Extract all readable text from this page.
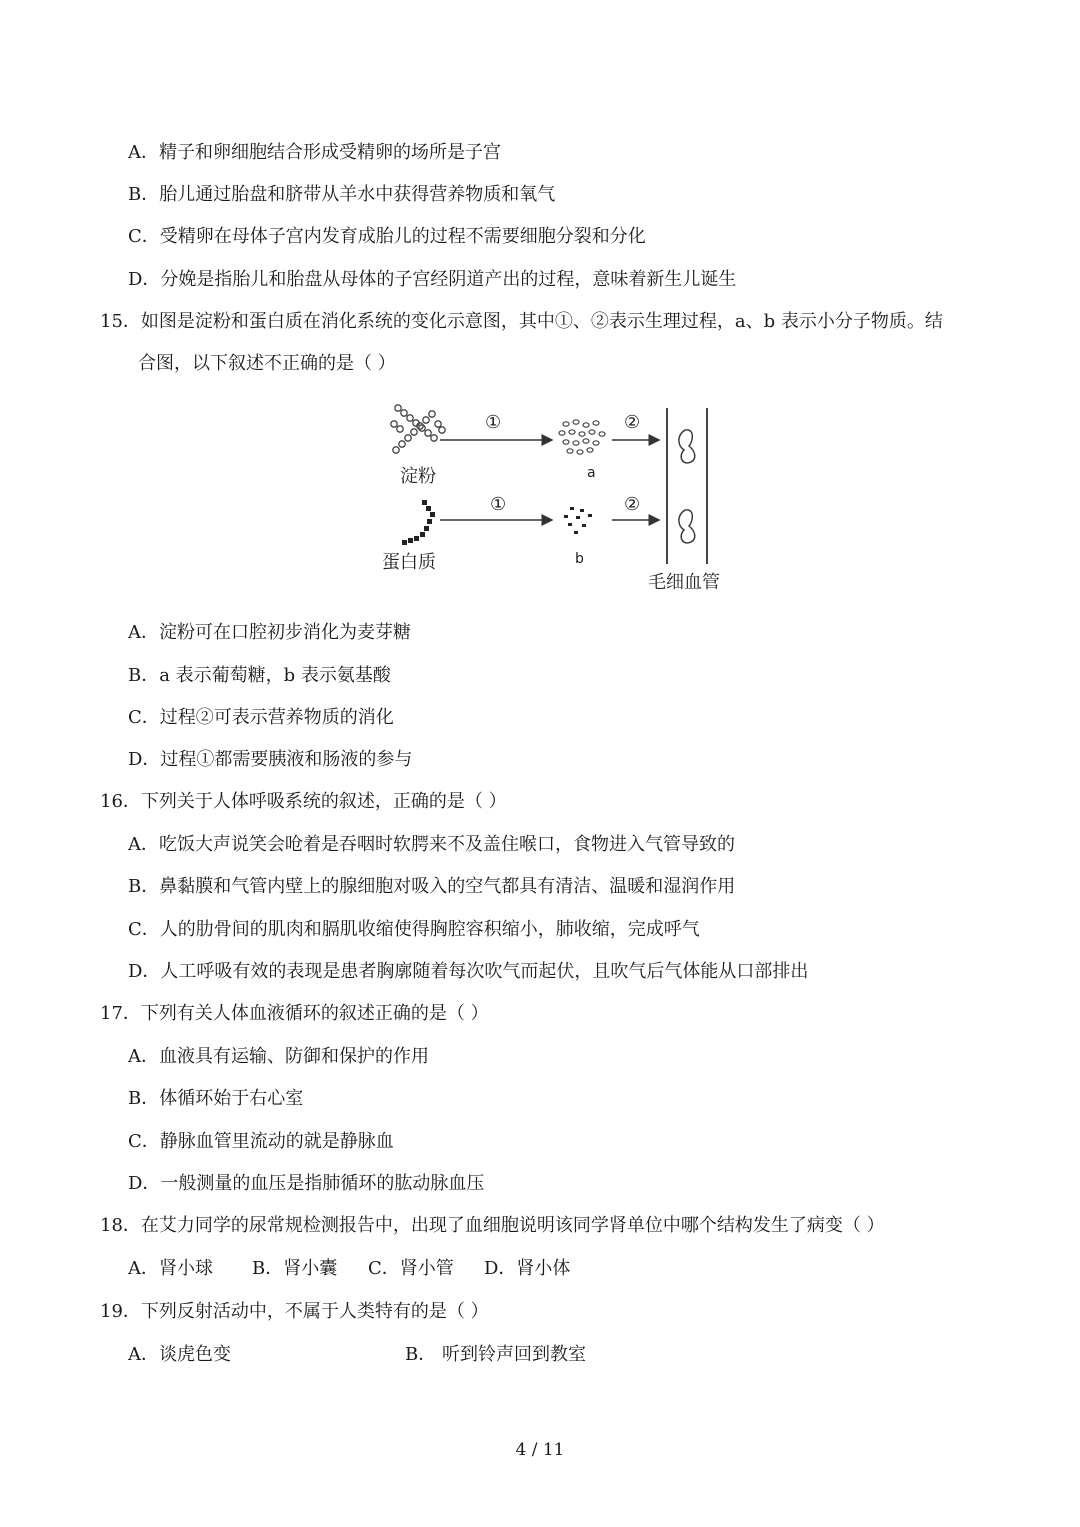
A．精子和卵细胞结合形成受精卵的场所是子宫
B．胎儿通过胎盘和脐带从羊水中获得营养物质和氧气
C．受精卵在母体子宫内发育成胎儿的过程不需要细胞分裂和分化
D．分娩是指胎儿和胎盘从母体的子宫经阴道产出的过程，意味着新生儿诞生
15．如图是淀粉和蛋白质在消化系统的变化示意图，其中①、②表示生理过程，a、b 表示小分子物质。结
合图，以下叙述不正确的是（ ）
淀粉
蛋白质
①
a
②
①
b
②
毛细血管
A．淀粉可在口腔初步消化为麦芽糖
B．a 表示葡萄糖，b 表示氨基酸
C．过程②可表示营养物质的消化
D．过程①都需要胰液和肠液的参与
16．下列关于人体呼吸系统的叙述，正确的是（ ）
A．吃饭大声说笑会呛着是吞咽时软腭来不及盖住喉口，食物进入气管导致的
B．鼻黏膜和气管内壁上的腺细胞对吸入的空气都具有清洁、温暖和湿润作用
C．人的肋骨间的肌肉和膈肌收缩使得胸腔容积缩小，肺收缩，完成呼气
D．人工呼吸有效的表现是患者胸廓随着每次吹气而起伏，且吹气后气体能从口部排出
17．下列有关人体血液循环的叙述正确的是（ ）
A．血液具有运输、防御和保护的作用
B．体循环始于右心室
C．静脉血管里流动的就是静脉血
D．一般测量的血压是指肺循环的肱动脉血压
18．在艾力同学的尿常规检测报告中，出现了血细胞说明该同学肾单位中哪个结构发生了病变（ ）
A．肾小球 B．肾小囊 C．肾小管 D．肾小体
19．下列反射活动中，不属于人类特有的是（ ）
A．谈虎色变	B． 听到铃声回到教室
4 / 11
